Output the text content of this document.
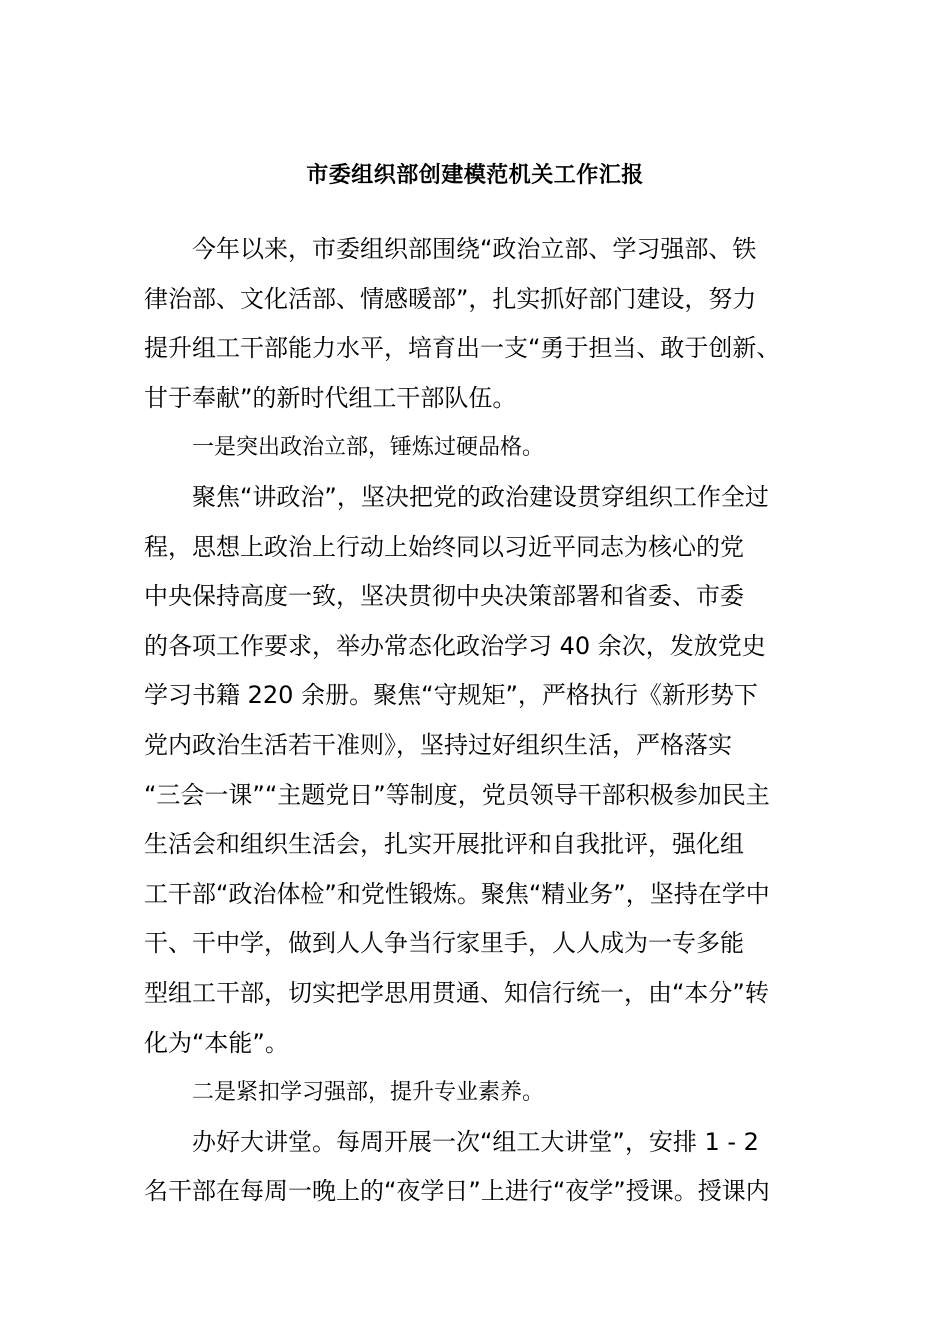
市委组织部创建模范机关工作汇报
今年以来，市委组织部围绕“政治立部、学习强部、铁
律治部、文化活部、情感暖部”，扎实抓好部门建设，努力
提升组工干部能力水平，培育出一支“勇于担当、敢于创新、
甘于奉献”的新时代组工干部队伍。
一是突出政治立部，锤炼过硬品格。
聚焦“讲政治”，坚决把党的政治建设贯穿组织工作全过
程，思想上政治上行动上始终同以习近平同志为核心的党
中央保持高度一致，坚决贯彻中央决策部署和省委、市委
的各项工作要求，举办常态化政治学习 40 余次，发放党史
学习书籍 220 余册。聚焦“守规矩”，严格执行《新形势下
党内政治生活若干准则》，坚持过好组织生活，严格落实
“三会一课”“主题党日”等制度，党员领导干部积极参加民主
生活会和组织生活会，扎实开展批评和自我批评，强化组
工干部“政治体检”和党性锻炼。聚焦“精业务”，坚持在学中
干、干中学，做到人人争当行家里手，人人成为一专多能
型组工干部，切实把学思用贯通、知信行统一，由“本分”转
化为“本能”。
二是紧扣学习强部，提升专业素养。
办好大讲堂。每周开展一次“组工大讲堂”，安排 1 - 2
名干部在每周一晚上的“夜学日”上进行“夜学”授课。授课内
